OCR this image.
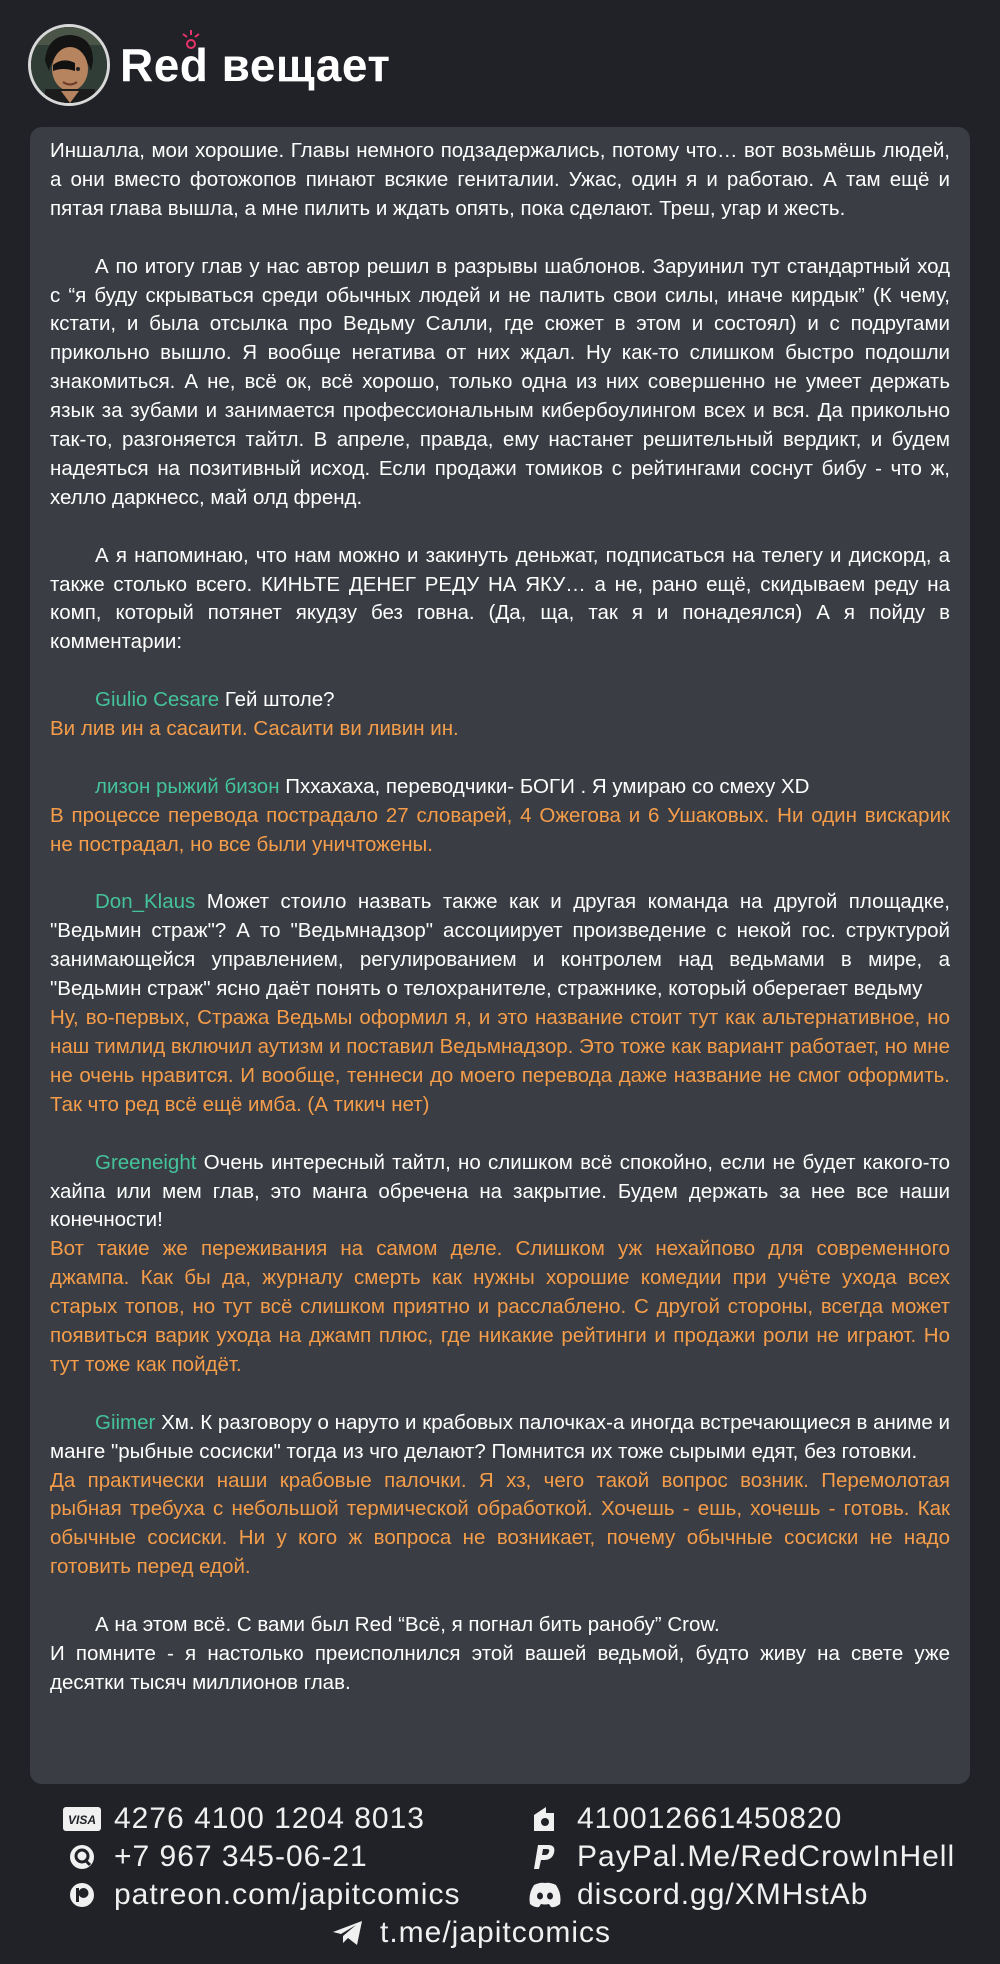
Red вещает

Иншалла, мои хорошие. Главы немного подзадержались, потому что… вот возьмёшь людей, а они вместо фотожопов пинают всякие гениталии. Ужас, один я и работаю. А там ещё и пятая глава вышла, а мне пилить и ждать опять, пока сделают. Треш, угар и жесть.

А по итогу глав у нас автор решил в разрывы шаблонов. Заруинил тут стандартный ход с “я буду скрываться среди обычных людей и не палить свои силы, иначе кирдык” (К чему, кстати, и была отсылка про Ведьму Салли, где сюжет в этом и состоял) и с подругами прикольно вышло. Я вообще негатива от них ждал. Ну как-то слишком быстро подошли знакомиться. А не, всё ок, всё хорошо, только одна из них совершенно не умеет держать язык за зубами и занимается профессиональным кибербоулингом всех и вся. Да прикольно так-то, разгоняется тайтл. В апреле, правда, ему настанет решительный вердикт, и будем надеяться на позитивный исход. Если продажи томиков с рейтингами соснут бибу - что ж, хелло даркнесс, май олд френд.

А я напоминаю, что нам можно и закинуть деньжат, подписаться на телегу и дискорд, а также столько всего. КИНЬТЕ ДЕНЕГ РЕДУ НА ЯКУ… а не, рано ещё, скидываем реду на комп, который потянет якудзу без говна. (Да, ща, так я и понадеялся) А я пойду в комментарии:

Giulio Cesare Гей штоле?

Ви лив ин а сасаити. Сасаити ви ливин ин.

лизон рыжий бизон Пххахаха, переводчики- БОГИ . Я умираю со смеху XD

В процессе перевода пострадало 27 словарей, 4 Ожегова и 6 Ушаковых. Ни один вискарик не пострадал, но все были уничтожены.

Don_Klaus Может стоило назвать также как и другая команда на другой площадке, "Ведьмин страж"? А то "Ведьмнадзор" ассоциирует произведение с некой гос. структурой занимающейся управлением, регулированием и контролем над ведьмами в мире, а "Ведьмин страж" ясно даёт понять о телохранителе, стражнике, который оберегает ведьму

Ну, во-первых, Стража Ведьмы оформил я, и это название стоит тут как альтернативное, но наш тимлид включил аутизм и поставил Ведьмнадзор. Это тоже как вариант работает, но мне не очень нравится. И вообще, теннеси до моего перевода даже название не смог оформить. Так что ред всё ещё имба. (А тикич нет)

Greeneight Очень интересный тайтл, но слишком всё спокойно, если не будет какого-то хайпа или мем глав, это манга обречена на закрытие. Будем держать за нее все наши конечности!

Вот такие же переживания на самом деле. Слишком уж нехайпово для современного джампа. Как бы да, журналу смерть как нужны хорошие комедии при учёте ухода всех старых топов, но тут всё слишком приятно и расслаблено. С другой стороны, всегда может появиться варик ухода на джамп плюс, где никакие рейтинги и продажи роли не играют. Но тут тоже как пойдёт.

Giimer Хм. К разговору о наруто и крабовых палочках-а иногда встречающиеся в аниме и манге "рыбные сосиски" тогда из чго делают? Помнится их тоже сырыми едят, без готовки.

Да практически наши крабовые палочки. Я хз, чего такой вопрос возник. Перемолотая рыбная требуха с небольшой термической обработкой. Хочешь - ешь, хочешь - готовь. Как обычные сосиски. Ни у кого ж вопроса не возникает, почему обычные сосиски не надо готовить перед едой.

А на этом всё. С вами был Red “Всё, я погнал бить ранобу” Crow.

И помните - я настолько преисполнился этой вашей ведьмой, будто живу на свете уже десятки тысяч миллионов глав.

VISA 4276 4100 1204 8013
+7 967 345-06-21
patreon.com/japitcomics
410012661450820
PayPal.Me/RedCrowInHell
discord.gg/XMHstAb
t.me/japitcomics
